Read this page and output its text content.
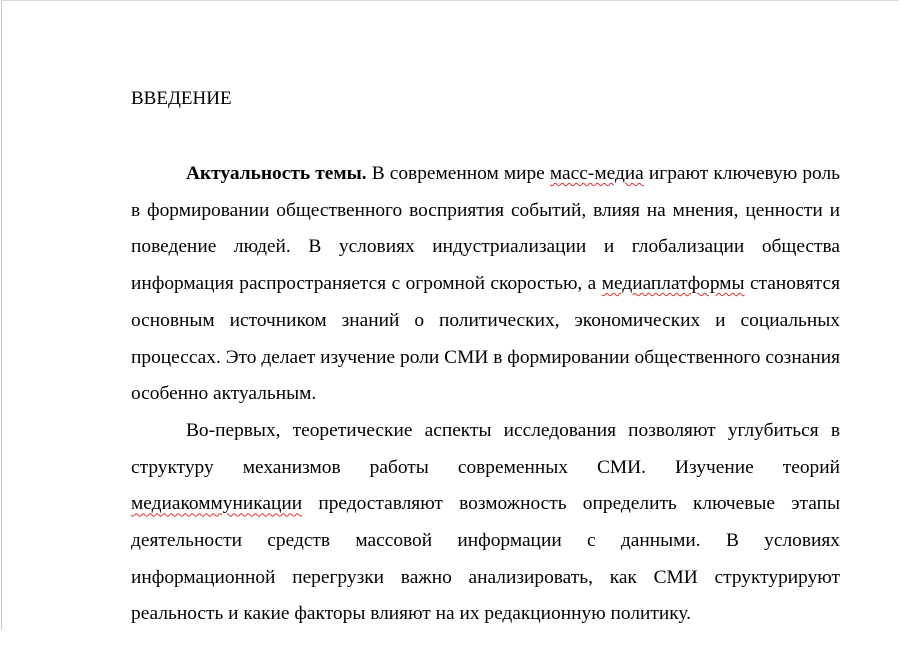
ВВЕДЕНИЕ

Актуальность темы. В современном мире масс-медиа играют ключевую роль в формировании общественного восприятия событий, влияя на мнения, ценности и поведение людей. В условиях индустриализации и глобализации общества информация распространяется с огромной скоростью, а медиаплатформы становятся основным источником знаний о политических, экономических и социальных процессах. Это делает изучение роли СМИ в формировании общественного сознания особенно актуальным.

Во-первых, теоретические аспекты исследования позволяют углубиться в структуру механизмов работы современных СМИ. Изучение теорий медиакоммуникации предоставляют возможность определить ключевые этапы деятельности средств массовой информации с данными. В условиях информационной перегрузки важно анализировать, как СМИ структурируют реальность и какие факторы влияют на их редакционную политику.
